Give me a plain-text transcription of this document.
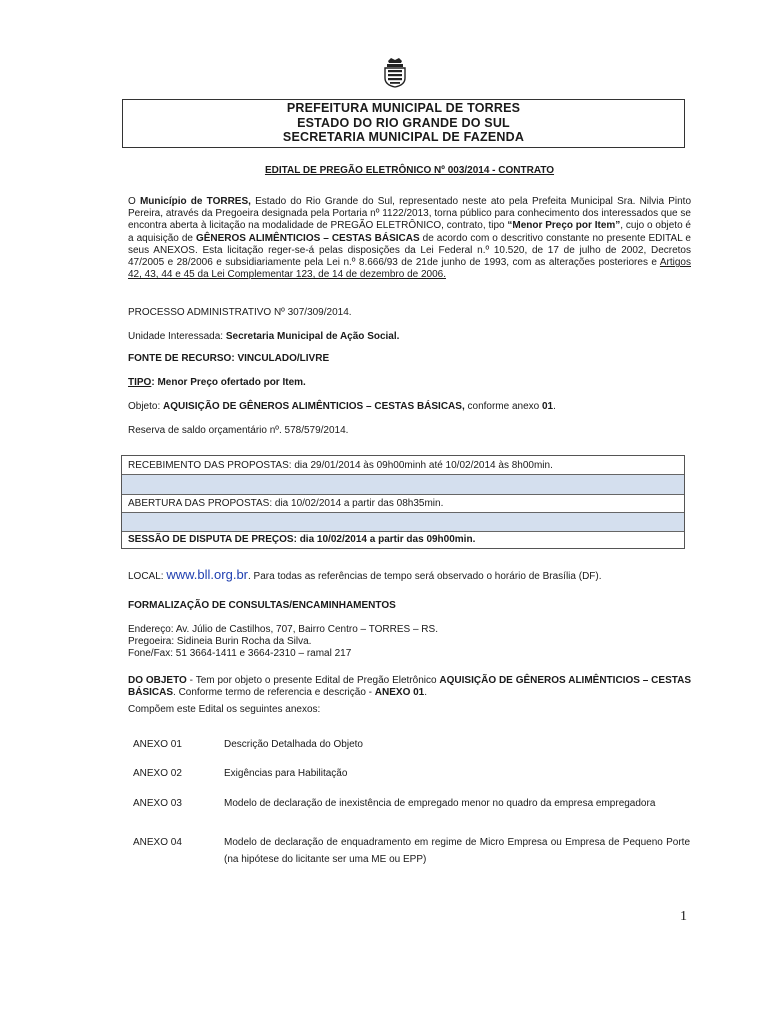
PREFEITURA MUNICIPAL DE TORRES
ESTADO DO RIO GRANDE DO SUL
SECRETARIA MUNICIPAL DE FAZENDA
EDITAL DE PREGÃO ELETRÔNICO Nº 003/2014 - CONTRATO
O Município de TORRES, Estado do Rio Grande do Sul, representado neste ato pela Prefeita Municipal Sra. Nilvia Pinto Pereira, através da Pregoeira designada pela Portaria nº 1122/2013, torna público para conhecimento dos interessados que se encontra aberta à licitação na modalidade de PREGÃO ELETRÔNICO, contrato, tipo “Menor Preço por Item”, cujo o objeto é a aquisição de GÊNEROS ALIMÊNTICIOS – CESTAS BÁSICAS de acordo com o descritivo constante no presente EDITAL e seus ANEXOS. Esta licitação reger-se-á pelas disposições da Lei Federal n.º 10.520, de 17 de julho de 2002, Decretos 47/2005 e 28/2006 e subsidiariamente pela Lei n.º 8.666/93 de 21de junho de 1993, com as alterações posteriores e Artigos 42, 43, 44 e 45 da Lei Complementar 123, de 14 de dezembro de 2006.
PROCESSO ADMINISTRATIVO Nº 307/309/2014.
Unidade Interessada: Secretaria Municipal de Ação Social.
FONTE DE RECURSO: VINCULADO/LIVRE
TIPO: Menor Preço ofertado por Item.
Objeto: AQUISIÇÃO DE GÊNEROS ALIMÊNTICIOS – CESTAS BÁSICAS, conforme anexo 01.
Reserva de saldo orçamentário nº. 578/579/2014.
RECEBIMENTO DAS PROPOSTAS: dia 29/01/2014 às 09h00minh até 10/02/2014 às 8h00min.
ABERTURA DAS PROPOSTAS: dia 10/02/2014 a partir das 08h35min.
SESSÃO DE DISPUTA DE PREÇOS: dia 10/02/2014 a partir das 09h00min.
LOCAL: www.bll.org.br. Para todas as referências de tempo será observado o horário de Brasília (DF).
FORMALIZAÇÃO DE CONSULTAS/ENCAMINHAMENTOS
Endereço: Av. Júlio de Castilhos, 707, Bairro Centro – TORRES – RS.
Pregoeira: Sidineia Burin Rocha da Silva.
Fone/Fax: 51 3664-1411 e 3664-2310 – ramal 217
DO OBJETO - Tem por objeto o presente Edital de Pregão Eletrônico AQUISIÇÃO DE GÊNEROS ALIMÊNTICIOS – CESTAS BÁSICAS. Conforme termo de referencia e descrição - ANEXO 01.
Compõem este Edital os seguintes anexos:
ANEXO 01	Descrição Detalhada do Objeto
ANEXO 02	Exigências para Habilitação
ANEXO 03	Modelo de declaração de inexistência de empregado menor no quadro da empresa empregadora
ANEXO 04	Modelo de declaração de enquadramento em regime de Micro Empresa ou Empresa de Pequeno Porte (na hipótese do licitante ser uma ME ou EPP)
1
